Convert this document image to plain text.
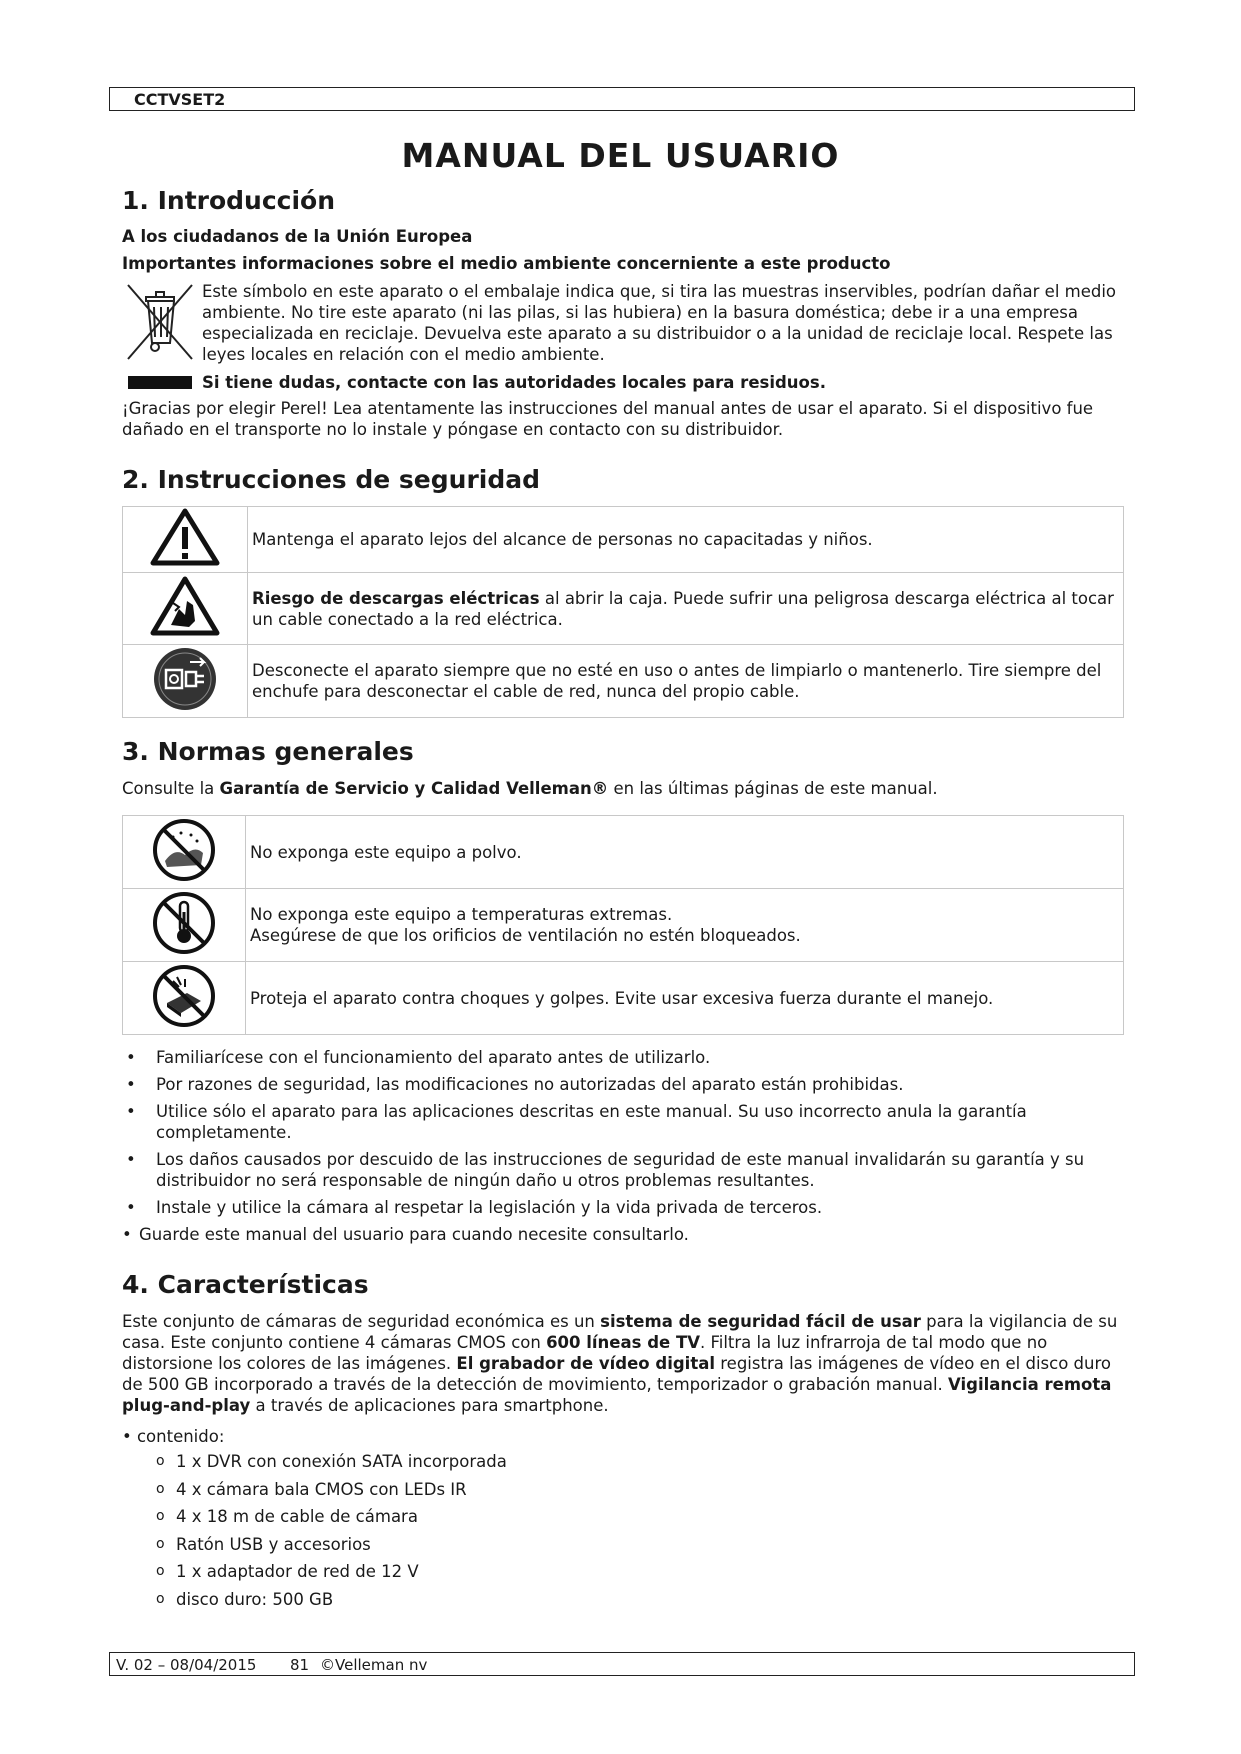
CCTVSET2
MANUAL DEL USUARIO
1. Introducción
A los ciudadanos de la Unión Europea
Importantes informaciones sobre el medio ambiente concerniente a este producto
Este símbolo en este aparato o el embalaje indica que, si tira las muestras inservibles, podrían dañar el medio ambiente. No tire este aparato (ni las pilas, si las hubiera) en la basura doméstica; debe ir a una empresa especializada en reciclaje. Devuelva este aparato a su distribuidor o a la unidad de reciclaje local. Respete las leyes locales en relación con el medio ambiente.
Si tiene dudas, contacte con las autoridades locales para residuos.
¡Gracias por elegir Perel! Lea atentamente las instrucciones del manual antes de usar el aparato. Si el dispositivo fue dañado en el transporte no lo instale y póngase en contacto con su distribuidor.
2. Instrucciones de seguridad
	Mantenga el aparato lejos del alcance de personas no capacitadas y niños.
	Riesgo de descargas eléctricas al abrir la caja. Puede sufrir una peligrosa descarga eléctrica al tocar un cable conectado a la red eléctrica.
	Desconecte el aparato siempre que no esté en uso o antes de limpiarlo o mantenerlo. Tire siempre del enchufe para desconectar el cable de red, nunca del propio cable.
3. Normas generales
Consulte la Garantía de Servicio y Calidad Velleman® en las últimas páginas de este manual.
	No exponga este equipo a polvo.

No exponga este equipo a temperaturas extremas.
Asegúrese de que los orificios de ventilación no estén bloqueados.

	Proteja el aparato contra choques y golpes. Evite usar excesiva fuerza durante el manejo.
• Familiarícese con el funcionamiento del aparato antes de utilizarlo.
• Por razones de seguridad, las modificaciones no autorizadas del aparato están prohibidas.
• Utilice sólo el aparato para las aplicaciones descritas en este manual. Su uso incorrecto anula la garantía completamente.
• Los daños causados por descuido de las instrucciones de seguridad de este manual invalidarán su garantía y su distribuidor no será responsable de ningún daño u otros problemas resultantes.
• Instale y utilice la cámara al respetar la legislación y la vida privada de terceros.
• Guarde este manual del usuario para cuando necesite consultarlo.
4. Características
Este conjunto de cámaras de seguridad económica es un sistema de seguridad fácil de usar para la vigilancia de su casa. Este conjunto contiene 4 cámaras CMOS con 600 líneas de TV. Filtra la luz infrarroja de tal modo que no distorsione los colores de las imágenes. El grabador de vídeo digital registra las imágenes de vídeo en el disco duro de 500 GB incorporado a través de la detección de movimiento, temporizador o grabación manual. Vigilancia remota plug-and-play a través de aplicaciones para smartphone.
• contenido:
o 1 x DVR con conexión SATA incorporada
o 4 x cámara bala CMOS con LEDs IR
o 4 x 18 m de cable de cámara
o Ratón USB y accesorios
o 1 x adaptador de red de 12 V
o disco duro: 500 GB
V. 02 – 08/04/2015 81 ©Velleman nv
